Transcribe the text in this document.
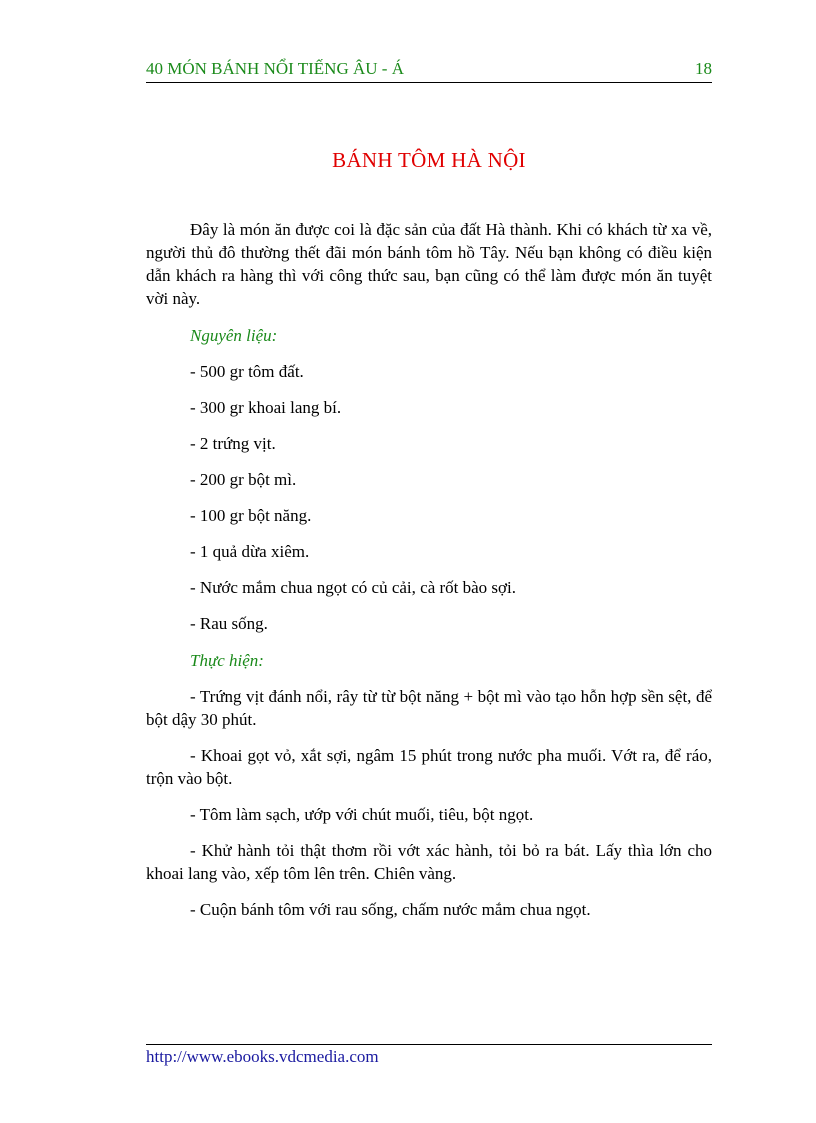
40 MÓN BÁNH NỔI TIẾNG ÂU - Á	18
BÁNH TÔM HÀ NỘI

Đây là món ăn được coi là đặc sản của đất Hà thành. Khi có khách từ xa về, người thủ đô thường thết đãi món bánh tôm hồ Tây. Nếu bạn không có điều kiện dẫn khách ra hàng thì với công thức sau, bạn cũng có thể làm được món ăn tuyệt vời này.

Nguyên liệu:

- 500 gr tôm đất.

- 300 gr khoai lang bí.

- 2 trứng vịt.

- 200 gr bột mì.

- 100 gr bột năng.

- 1 quả dừa xiêm.

- Nước mắm chua ngọt có củ cải, cà rốt bào sợi.

- Rau sống.

Thực hiện:

- Trứng vịt đánh nổi, rây từ từ bột năng + bột mì vào tạo hỗn hợp sền sệt, để bột dậy 30 phút.

- Khoai gọt vỏ, xắt sợi, ngâm 15 phút trong nước pha muối. Vớt ra, để ráo, trộn vào bột.

- Tôm làm sạch, ướp với chút muối, tiêu, bột ngọt.

- Khử hành tỏi thật thơm rồi vớt xác hành, tỏi bỏ ra bát. Lấy thìa lớn cho khoai lang vào, xếp tôm lên trên. Chiên vàng.

- Cuộn bánh tôm với rau sống, chấm nước mắm chua ngọt.

http://www.ebooks.vdcmedia.com
